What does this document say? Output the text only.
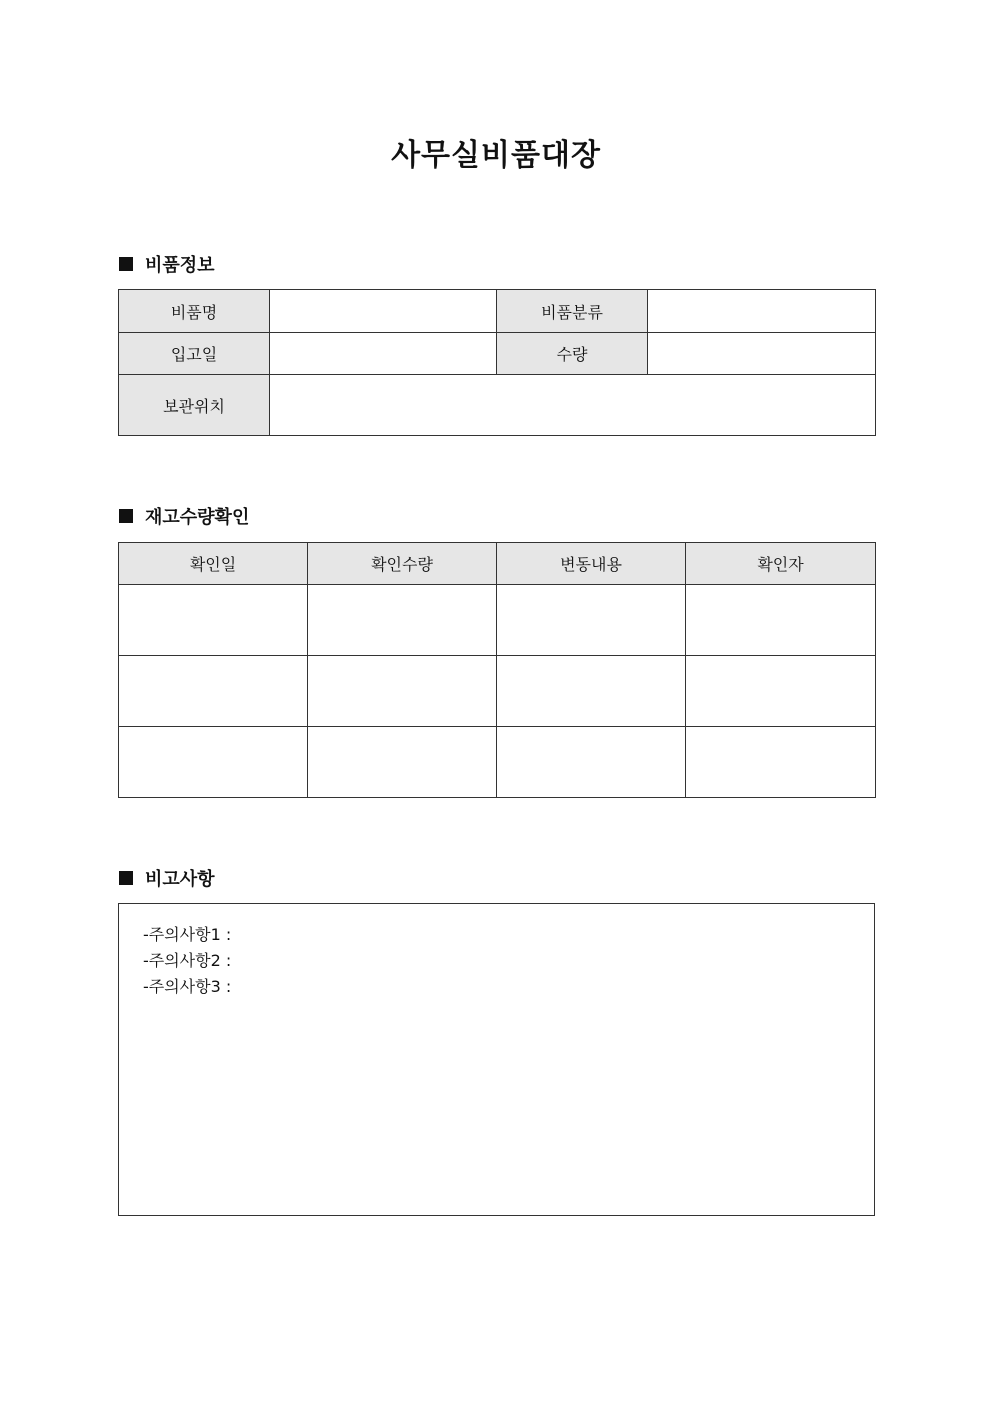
사무실비품대장
비품정보
비품명		비품분류	
입고일		수량	
보관위치			
재고수량확인
확인일	확인수량	변동내용	확인자

비고사항
-주의사항1 :
-주의사항2 :
-주의사항3 :
